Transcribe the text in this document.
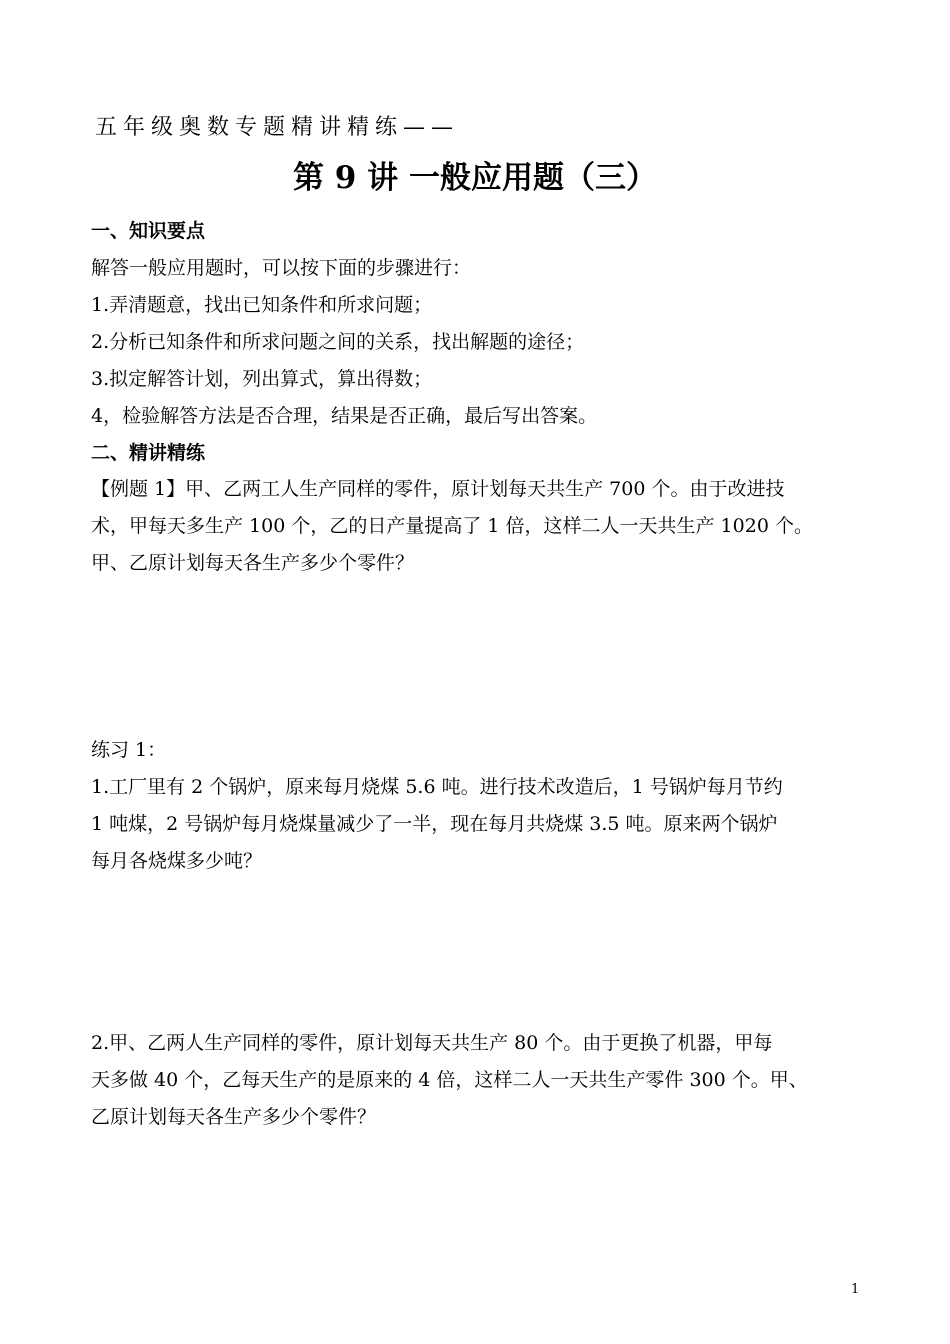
五年级奥数专题精讲精练——
第 9 讲 一般应用题（三）
一、知识要点
解答一般应用题时，可以按下面的步骤进行：
1.弄清题意，找出已知条件和所求问题；
2.分析已知条件和所求问题之间的关系，找出解题的途径；
3.拟定解答计划，列出算式，算出得数；
4，检验解答方法是否合理，结果是否正确，最后写出答案。
二、精讲精练
【例题 1】甲、乙两工人生产同样的零件，原计划每天共生产 700 个。由于改进技
术，甲每天多生产 100 个，乙的日产量提高了 1 倍，这样二人一天共生产 1020 个。
甲、乙原计划每天各生产多少个零件？
练习 1：
1.工厂里有 2 个锅炉，原来每月烧煤 5.6 吨。进行技术改造后，1 号锅炉每月节约
1 吨煤，2 号锅炉每月烧煤量减少了一半，现在每月共烧煤 3.5 吨。原来两个锅炉
每月各烧煤多少吨？
2.甲、乙两人生产同样的零件，原计划每天共生产 80 个。由于更换了机器，甲每
天多做 40 个，乙每天生产的是原来的 4 倍，这样二人一天共生产零件 300 个。甲、
乙原计划每天各生产多少个零件？
1
